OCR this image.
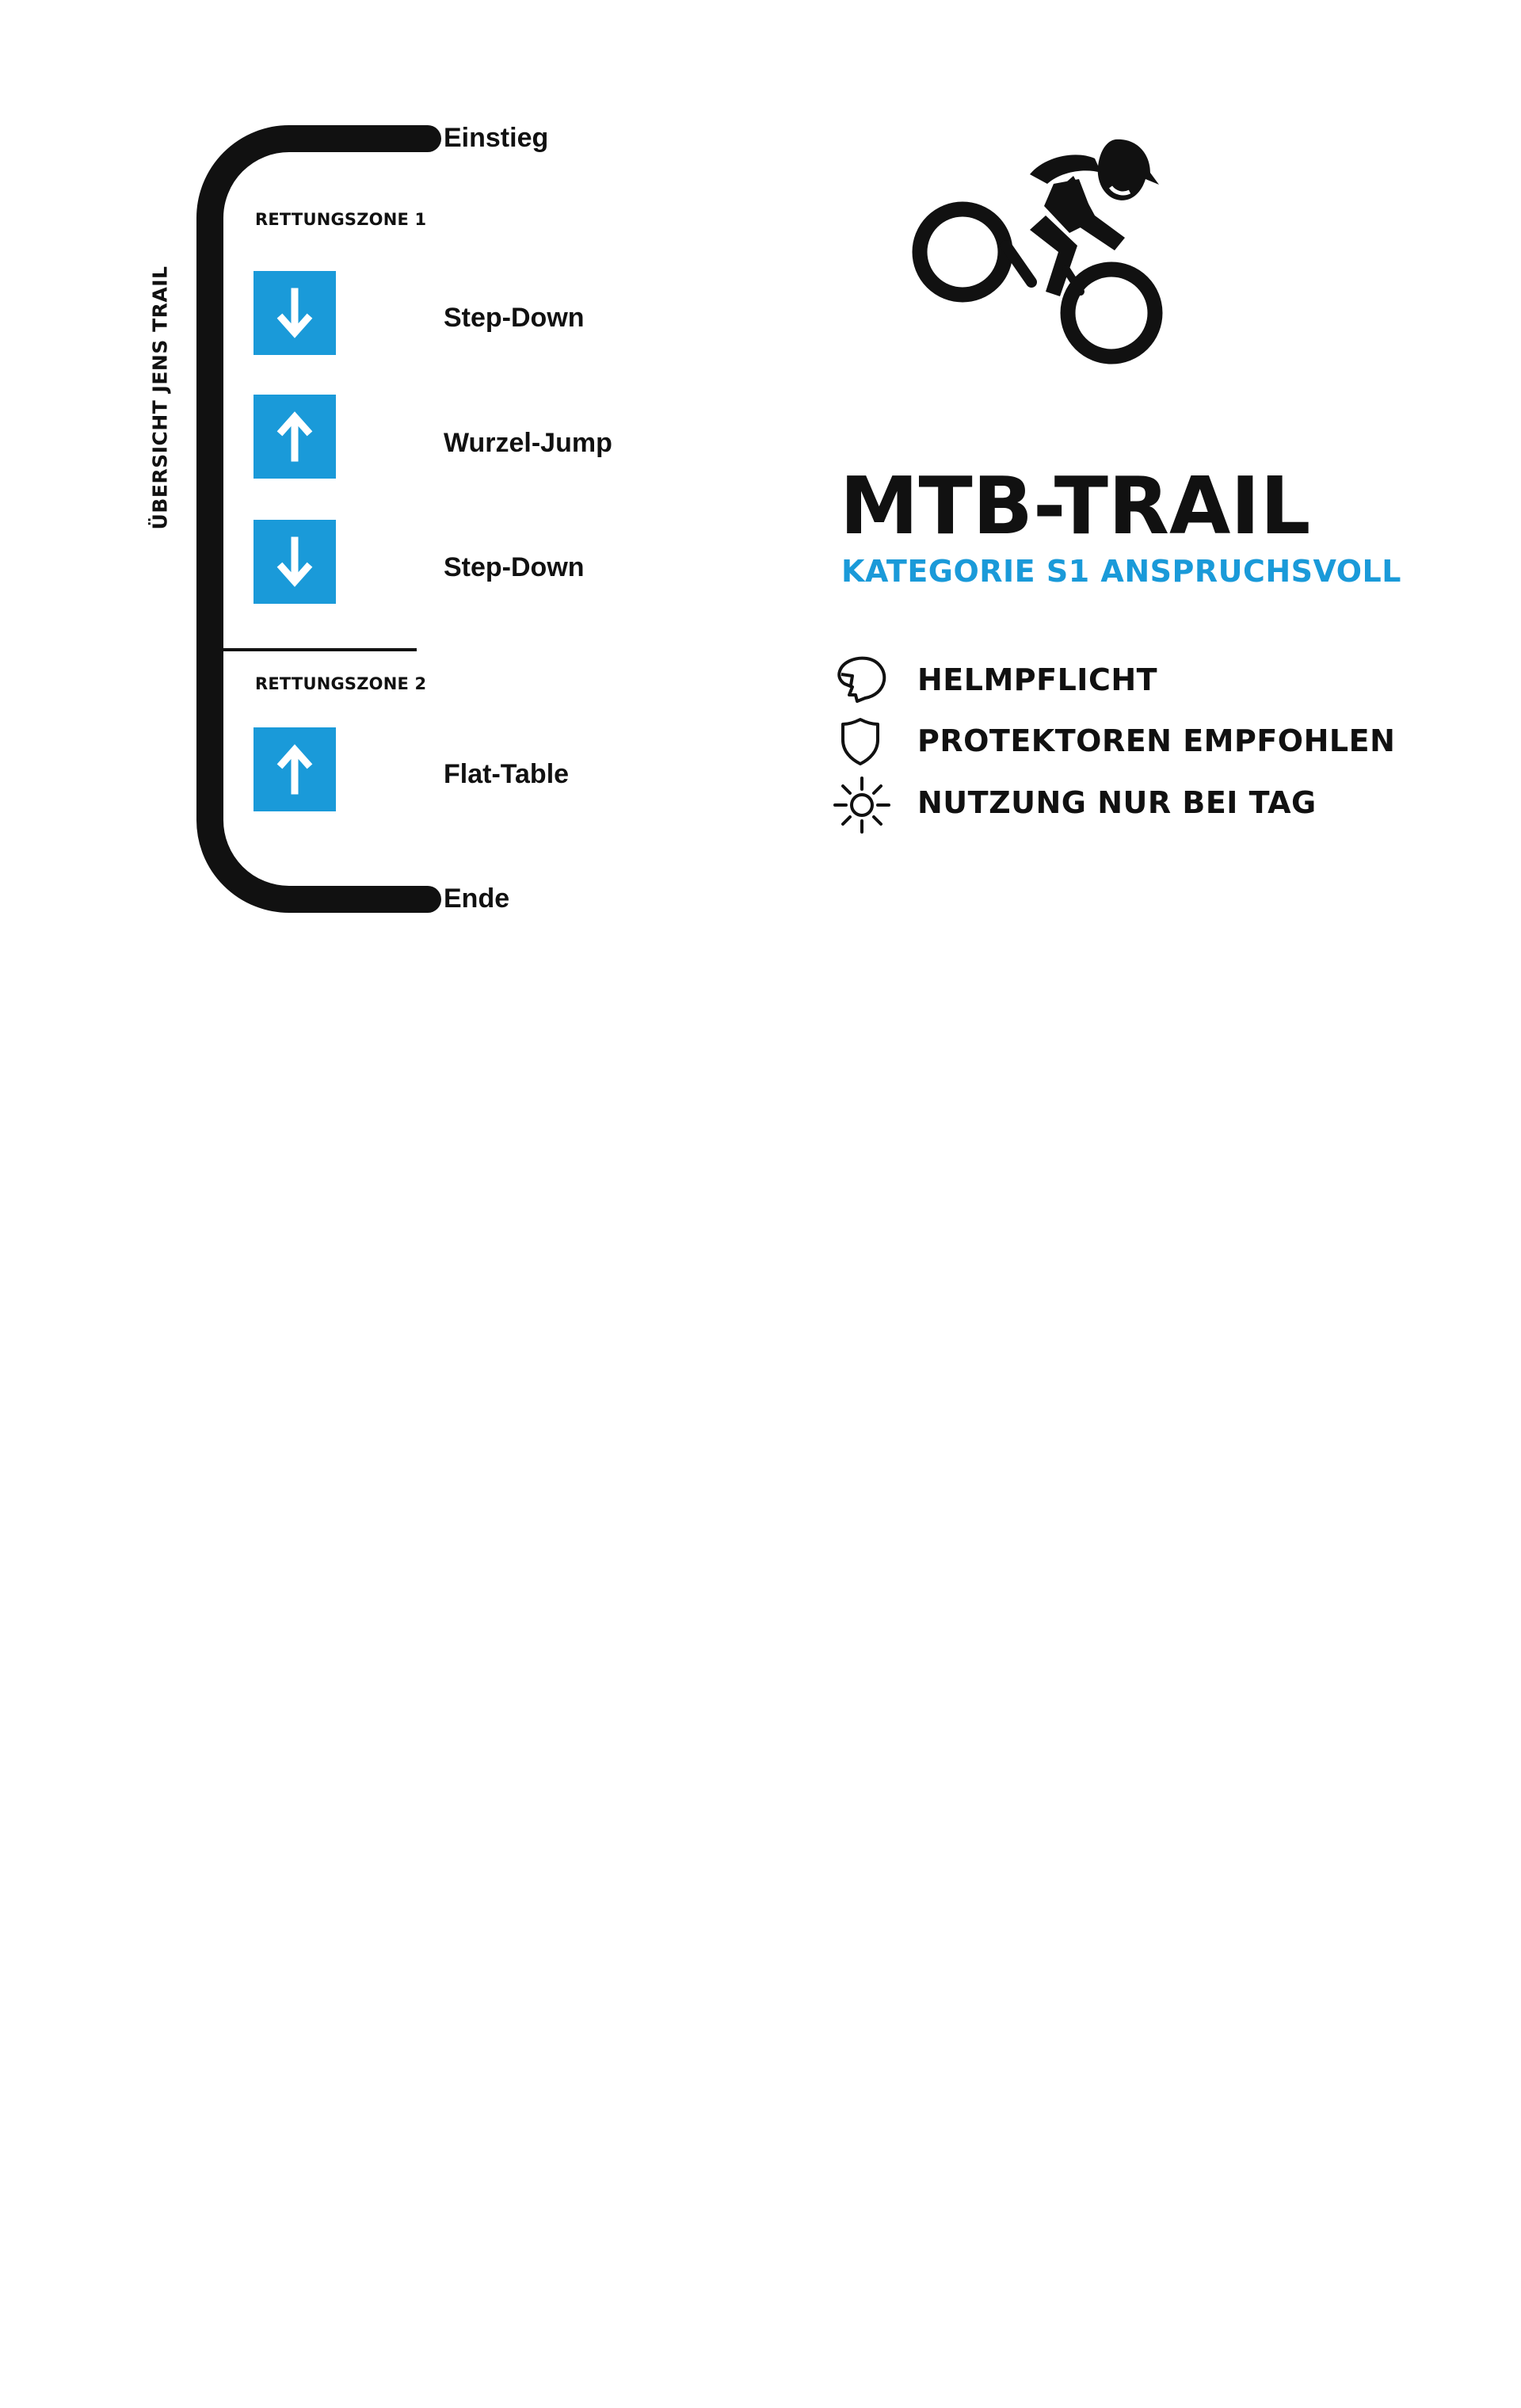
ÜBERSICHT JENS TRAIL
Einstieg
Ende
RETTUNGSZONE 1
RETTUNGSZONE 2
Step-Down
Wurzel-Jump
Step-Down
Flat-Table
MTB-TRAIL
KATEGORIE S1 ANSPRUCHSVOLL
HELMPFLICHT
PROTEKTOREN EMPFOHLEN
NUTZUNG NUR BEI TAG
